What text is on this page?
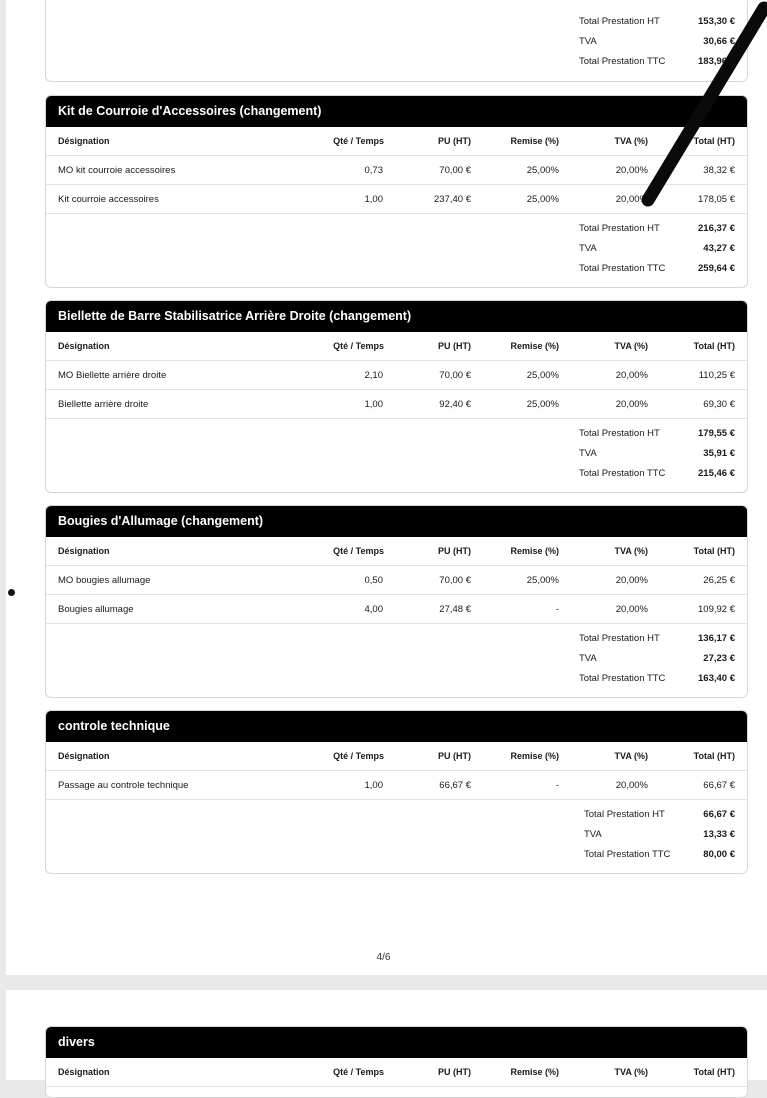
Total Prestation HT	153,30 €
TVA	30,66 €
Total Prestation TTC	183,96 €
Kit de Courroie d'Accessoires (changement)
Désignation	Qté / Temps	PU (HT)	Remise (%)	TVA (%)	Total (HT)
MO kit courroie accessoires	0,73	70,00 €	25,00%	20,00%	38,32 €
Kit courroie accessoires	1,00	237,40 €	25,00%	20,00%	178,05 €
Total Prestation HT	216,37 €
TVA	43,27 €
Total Prestation TTC	259,64 €
Biellette de Barre Stabilisatrice Arrière Droite (changement)
Désignation	Qté / Temps	PU (HT)	Remise (%)	TVA (%)	Total (HT)
MO Biellette arrière droite	2,10	70,00 €	25,00%	20,00%	110,25 €
Biellette arrière droite	1,00	92,40 €	25,00%	20,00%	69,30 €
Total Prestation HT	179,55 €
TVA	35,91 €
Total Prestation TTC	215,46 €
Bougies d'Allumage (changement)
Désignation	Qté / Temps	PU (HT)	Remise (%)	TVA (%)	Total (HT)
MO bougies allumage	0,50	70,00 €	25,00%	20,00%	26,25 €
Bougies allumage	4,00	27,48 €	-	20,00%	109,92 €
Total Prestation HT	136,17 €
TVA	27,23 €
Total Prestation TTC	163,40 €
controle technique
Désignation	Qté / Temps	PU (HT)	Remise (%)	TVA (%)	Total (HT)
Passage au controle technique	1,00	66,67 €	-	20,00%	66,67 €
Total Prestation HT	66,67 €
TVA	13,33 €
Total Prestation TTC	80,00 €
4/6
divers
Désignation	Qté / Temps	PU (HT)	Remise (%)	TVA (%)	Total (HT)
